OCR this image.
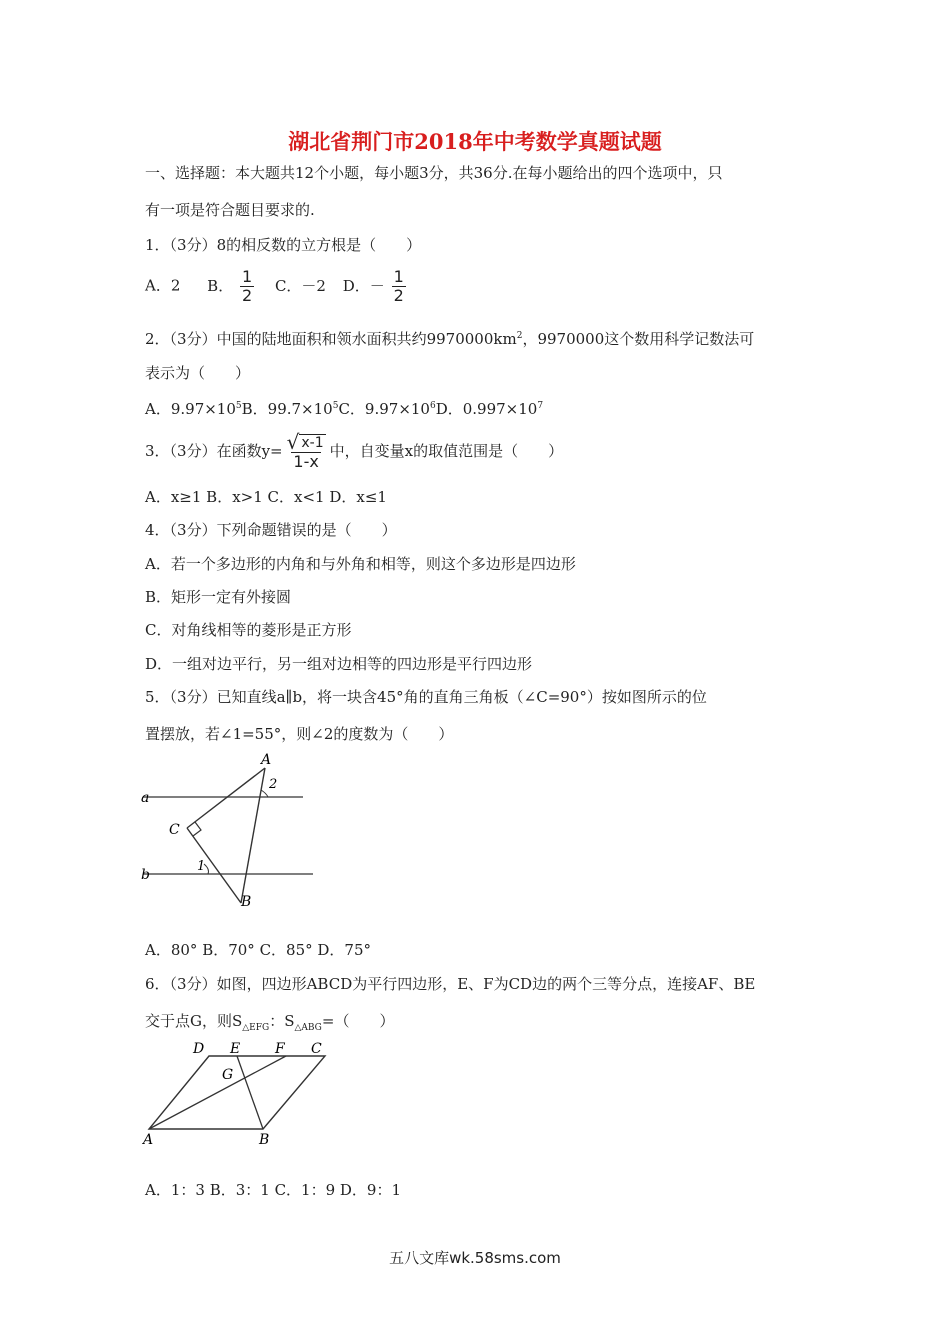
湖北省荆门市2018年中考数学真题试题
一、选择题：本大题共12个小题，每小题3分，共36分.在每小题给出的四个选项中，只
有一项是符合题目要求的.
1．（3分）8的相反数的立方根是（　　）
A．2 B． $\frac{1}{2}$ C．－2 D．－ $\frac{1}{2}$
2．（3分）中国的陆地面积和领水面积共约$9970000km^2$，9970000这个数用科学记数法可
表示为（　　）
A．$9.97\times 10^5B$．$99.7\times 10^5C$．$9.97\times 10^6D$．$0.997\times 10^7$
3．（3分）在函数$y= \frac{√ x-1}{1-x}$ 中，自变量x的取值范围是（　　）
A．x≥1 B．x>1 C．x<1 D．x≤1
4．（3分）下列命题错误的是（　　）
A．若一个多边形的内角和与外角和相等，则这个多边形是四边形
B．矩形一定有外接圆
C．对角线相等的菱形是正方形
D．一组对边平行，另一组对边相等的四边形是平行四边形
5．（3分）已知直线a∥b，将一块含45°角的直角三角板（∠C=90°）按如图所示的位
置摆放，若∠1=55°，则∠2的度数为（　　）
a
b
A
B
C
1
2
A．80° B．70° C．85° D．75°
6．（3分）如图，四边形ABCD为平行四边形，E、F为CD边的两个三等分点，连接AF、BE
交于点G，则$S_{\triangle EFG}$：$S_{\triangle ABG}=$（　　）
A	B
C
D E F
G
A．1：3 B．3：1 C．1：9 D．9：1
五八文库wk.58sms.com
